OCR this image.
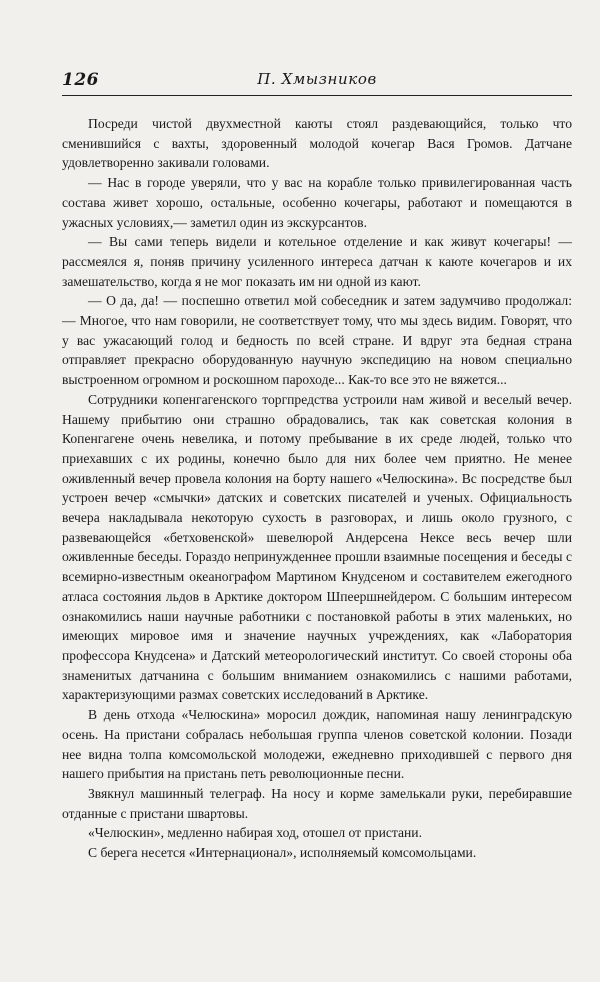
126	П. Хмызников

Посреди чистой двухместной каюты стоял раздевающийся, только что сменившийся с вахты, здоровенный молодой кочегар Вася Громов. Датчане удовлетворенно закивали головами.

— Нас в городе уверяли, что у вас на корабле только привилегированная часть состава живет хорошо, остальные, особенно кочегары, работают и помещаются в ужасных условиях,— заметил один из экскурсантов.

— Вы сами теперь видели и котельное отделение и как живут кочегары! — рассмеялся я, поняв причину усиленного интереса датчан к каюте кочегаров и их замешательство, когда я не мог показать им ни одной из кают.

— О да, да! — поспешно ответил мой собеседник и затем задумчиво продолжал: — Многое, что нам говорили, не соответствует тому, что мы здесь видим. Говорят, что у вас ужасающий голод и бедность по всей стране. И вдруг эта бедная страна отправляет прекрасно оборудованную научную экспедицию на новом специально выстроенном огромном и роскошном пароходе... Как-то все это не вяжется...

Сотрудники копенгагенского торгпредства устроили нам живой и веселый вечер. Нашему прибытию они страшно обрадовались, так как советская колония в Копенгагене очень невелика, и потому пребывание в их среде людей, только что приехавших с их родины, конечно было для них более чем приятно. Не менее оживленный вечер провела колония на борту нашего «Челюскина». Вс посредстве был устроен вечер «смычки» датских и советских писателей и ученых. Официальность вечера накладывала некоторую сухость в разговорах, и лишь около грузного, с развевающейся «бетховенской» шевелюрой Андерсена Нексе весь вечер шли оживленные беседы. Гораздо непринужденнее прошли взаимные посещения и беседы с всемирно-известным океанографом Мартином Кнудсеном и составителем ежегодного атласа состояния льдов в Арктике доктором Шпеершнейдером. С большим интересом ознакомились наши научные работники с постановкой работы в этих маленьких, но имеющих мировое имя и значение научных учреждениях, как «Лаборатория профессора Кнудсена» и Датский метеорологический институт. Со своей стороны оба знаменитых датчанина с большим вниманием ознакомились с нашими работами, характеризующими размах советских исследований в Арктике.

В день отхода «Челюскина» моросил дождик, напоминая нашу ленинградскую осень. На пристани собралась небольшая группа членов советской колонии. Позади нее видна толпа комсомольской молодежи, ежедневно приходившей с первого дня нашего прибытия на пристань петь революционные песни.

Звякнул машинный телеграф. На носу и корме замелькали руки, перебиравшие отданные с пристани швартовы.

«Челюскин», медленно набирая ход, отошел от пристани.

С берега несется «Интернационал», исполняемый комсомольцами.
